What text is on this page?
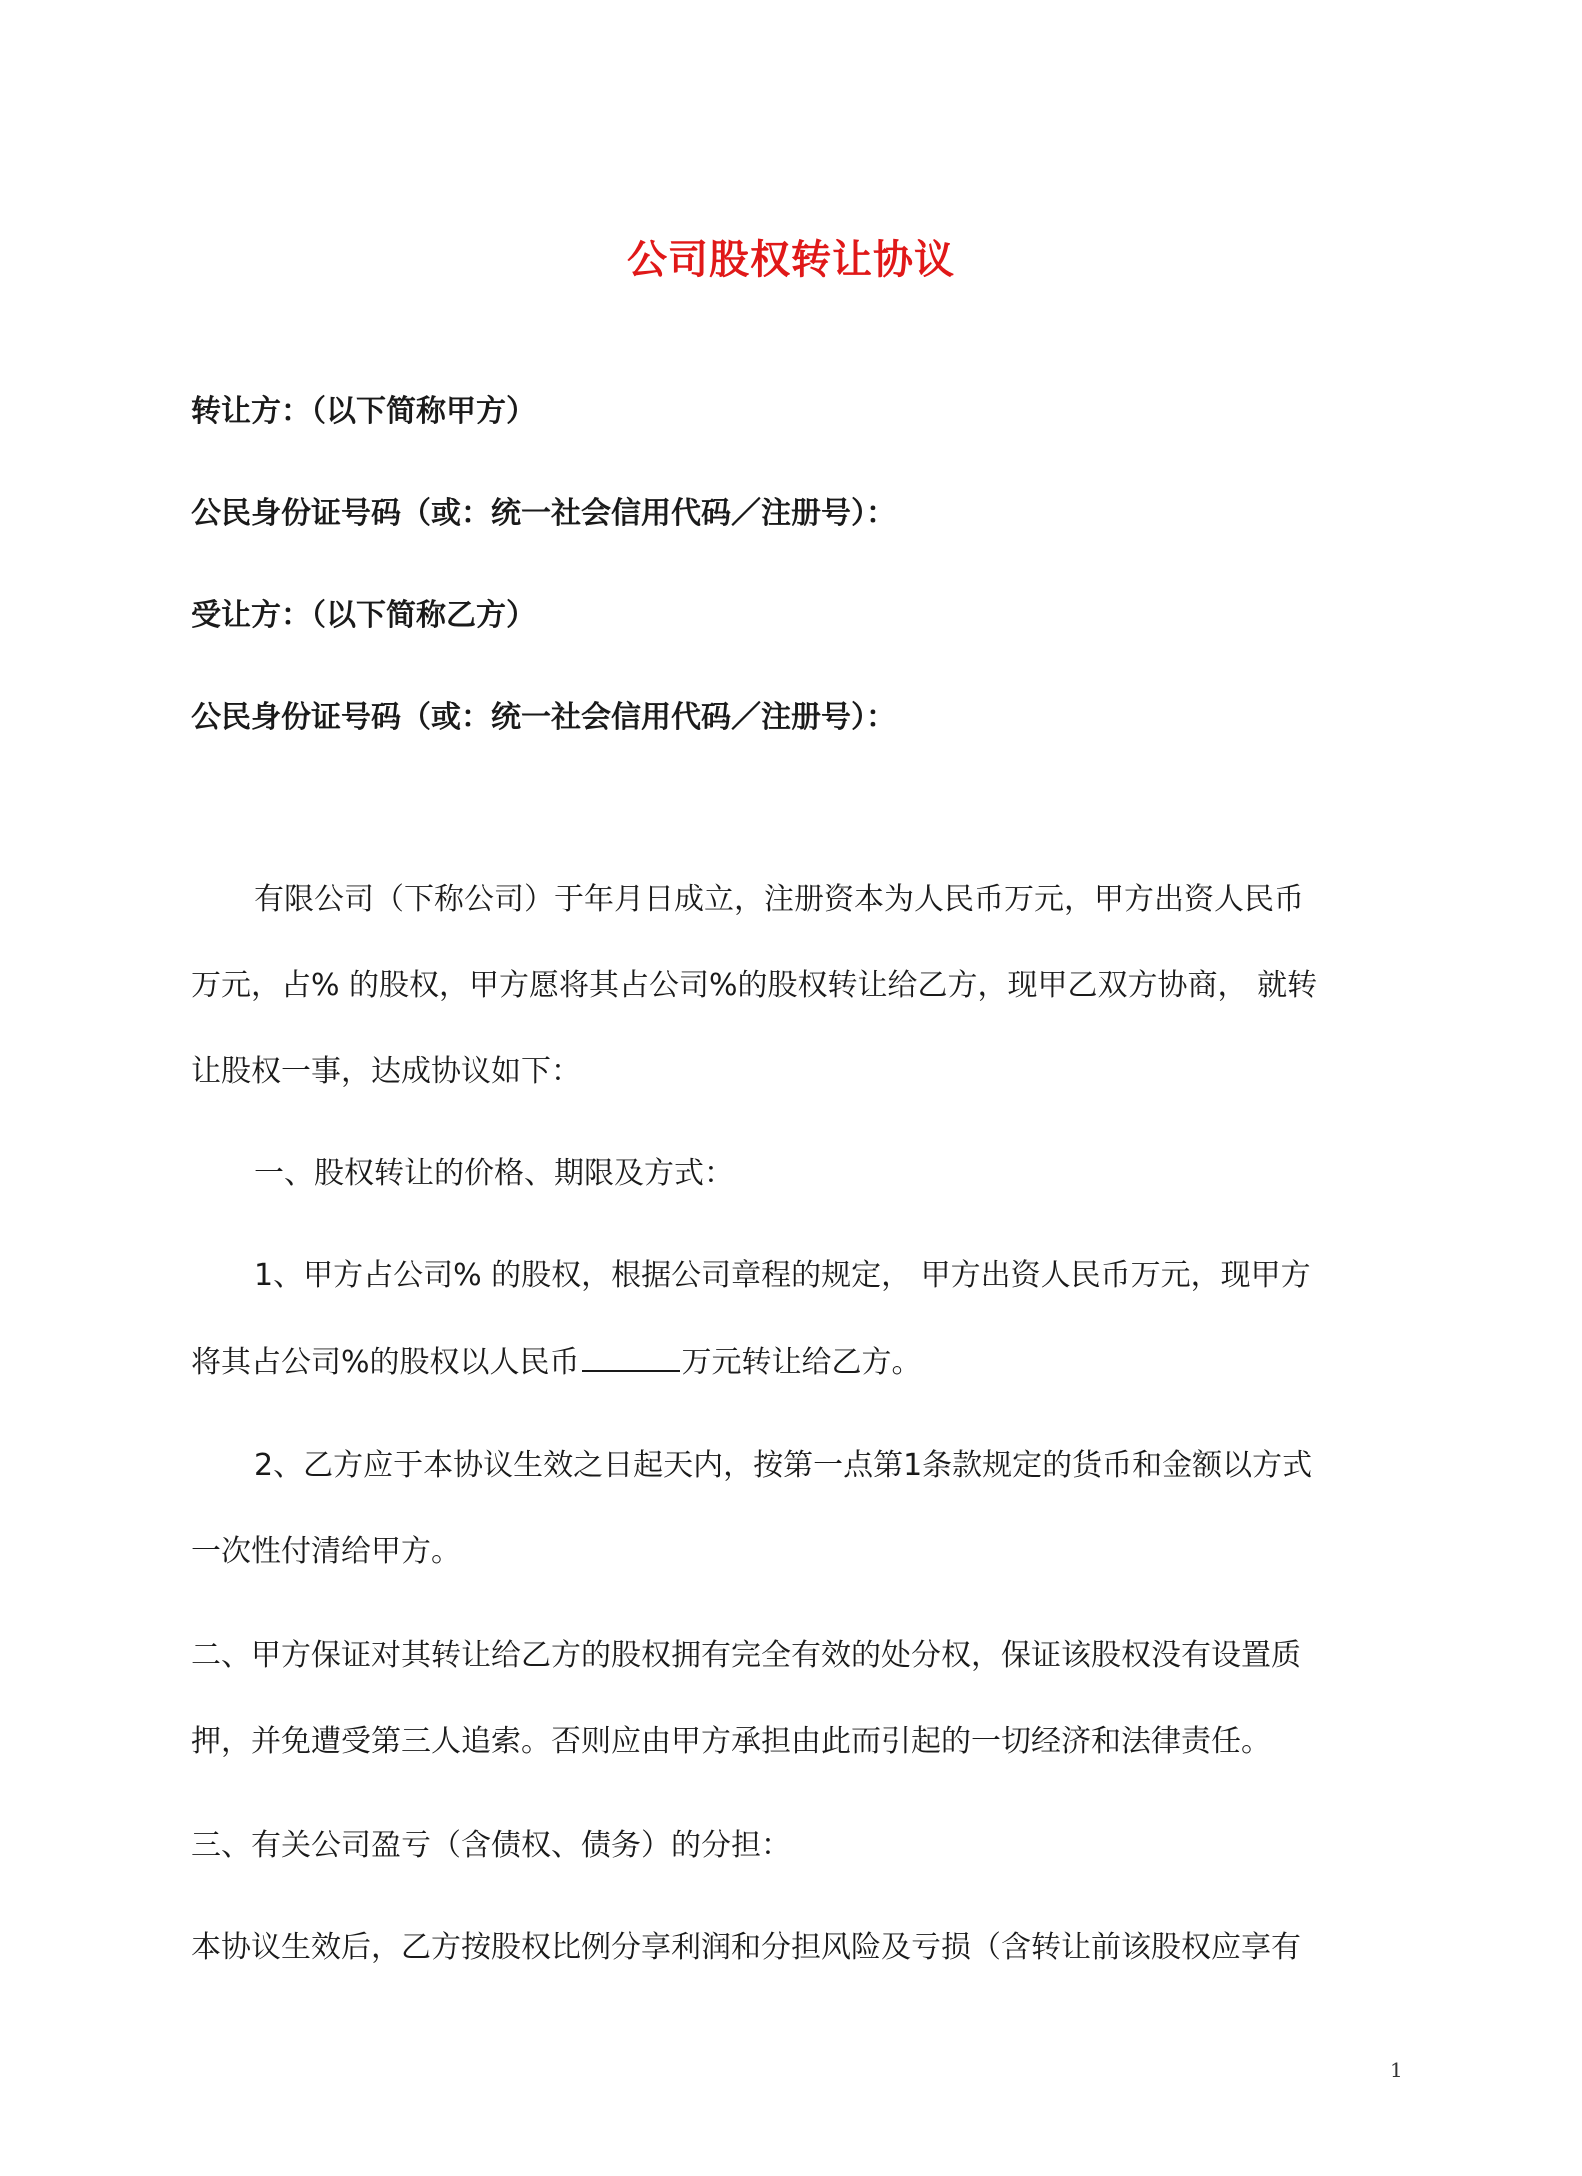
公司股权转让协议
转让方：（以下简称甲方）
公民身份证号码（或：统一社会信用代码／注册号）：
受让方：（以下简称乙方）
公民身份证号码（或：统一社会信用代码／注册号）：
有限公司（下称公司）于年月日成立，注册资本为人民币万元，甲方出资人民币
万元，占% 的股权，甲方愿将其占公司%的股权转让给乙方，现甲乙双方协商， 就转
让股权一事，达成协议如下：
一、股权转让的价格、期限及方式：
1、甲方占公司% 的股权，根据公司章程的规定， 甲方出资人民币万元，现甲方
将其占公司%的股权以人民币	万元转让给乙方。
2、乙方应于本协议生效之日起天内，按第一点第1条款规定的货币和金额以方式
一次性付清给甲方。
二、甲方保证对其转让给乙方的股权拥有完全有效的处分权，保证该股权没有设置质
押，并免遭受第三人追索。否则应由甲方承担由此而引起的一切经济和法律责任。
三、有关公司盈亏（含债权、债务）的分担：
本协议生效后，乙方按股权比例分享利润和分担风险及亏损（含转让前该股权应享有
1
